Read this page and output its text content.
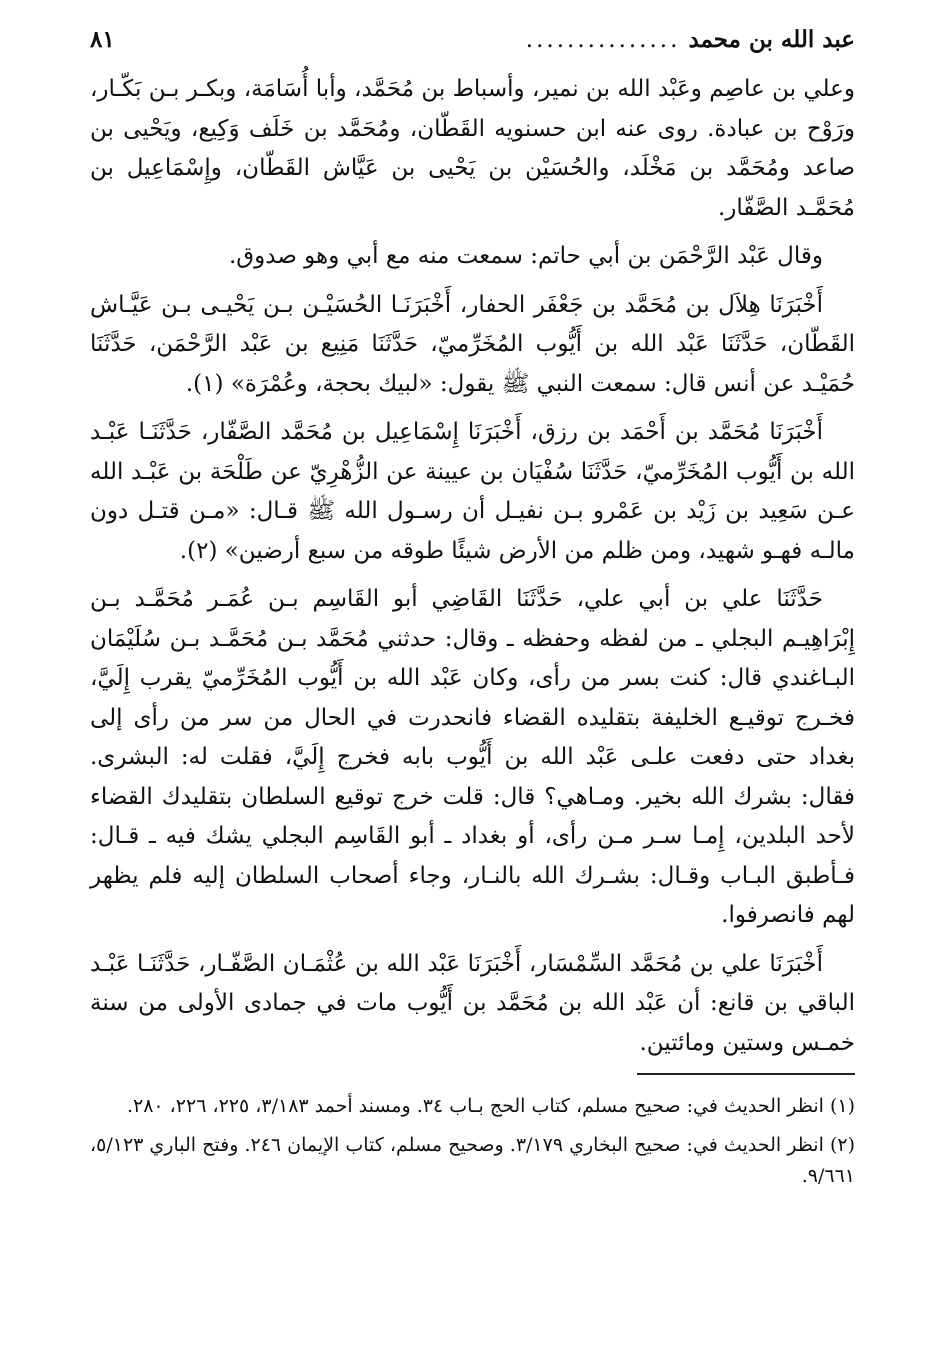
عبد الله بن محمد
...............
٨١

وعلي بن عاصِم وعَبْد الله بن نمير، وأسباط بن مُحَمَّد، وأبا أُسَامَة، وبكـر بـن بَكّـار، ورَوْح بن عبادة. روى عنه ابن حسنويه القَطّان، ومُحَمَّد بن خَلَف وَكِيع، ويَحْيى بن صاعد ومُحَمَّد بن مَخْلَد، والحُسَيْن بن يَحْيى بن عَيَّاش القَطّان، وإِسْمَاعِيل بن مُحَمَّـد الصَّفّار.

وقال عَبْد الرَّحْمَن بن أبي حاتم: سمعت منه مع أبي وهو صدوق.

أَخْبَرَنَا هِلاَل بن مُحَمَّد بن جَعْفَر الحفار، أَخْبَرَنَـا الحُسَيْـن بـن يَحْيـى بـن عَيَّـاش القَطّان، حَدَّثَنَا عَبْد الله بن أَيُّوب المُخَرِّميّ، حَدَّثَنَا مَنِيع بن عَبْد الرَّحْمَن، حَدَّثَنَا حُمَيْـد عن أنس قال: سمعت النبي ﷺ يقول: «لبيك بحجة، وعُمْرَة» (١).

أَخْبَرَنَا مُحَمَّد بن أَحْمَد بن رزق، أَخْبَرَنَا إِسْمَاعِيل بن مُحَمَّد الصَّفّار، حَدَّثَنَـا عَبْـد الله بن أَيُّوب المُخَرِّميّ، حَدَّثَنَا سُفْيَان بن عيينة عن الزُّهْرِيّ عن طَلْحَة بن عَبْـد الله عـن سَعِيد بن زَيْد بن عَمْرو بـن نفيـل أن رسـول الله ﷺ قـال: «مـن قتـل دون مالـه فهـو شهيد، ومن ظلم من الأرض شيئًا طوقه من سبع أرضين» (٢).

حَدَّثَنَا علي بن أبي علي، حَدَّثَنَا القَاضِي أبو القَاسِم بـن عُمَـر مُحَمَّـد بـن إِبْرَاهِيـم البجلي ـ من لفظه وحفظه ـ وقال: حدثني مُحَمَّد بـن مُحَمَّـد بـن سُلَيْمَان البـاغندي قال: كنت بسر من رأى، وكان عَبْد الله بن أَيُّوب المُخَرِّميّ يقرب إِلَيَّ، فخـرج توقيـع الخليفة بتقليده القضاء فانحدرت في الحال من سر من رأى إلى بغداد حتى دفعت علـى عَبْد الله بن أَيُّوب بابه فخرج إِلَيَّ، فقلت له: البشرى. فقال: بشرك الله بخير. ومـاهي؟ قال: قلت خرج توقيع السلطان بتقليدك القضاء لأحد البلدين، إِمـا سـر مـن رأى، أو بغداد ـ أبو القَاسِم البجلي يشك فيه ـ قـال: فـأطبق البـاب وقـال: بشـرك الله بالنـار، وجاء أصحاب السلطان إليه فلم يظهر لهم فانصرفوا.

أَخْبَرَنَا علي بن مُحَمَّد السِّمْسَار، أَخْبَرَنَا عَبْد الله بن عُثْمَـان الصَّفّـار، حَدَّثَنَـا عَبْـد الباقي بن قانع: أن عَبْد الله بن مُحَمَّد بن أَيُّوب مات في جمادى الأولى من سنة خمـس وستين ومائتين.

(١) انظر الحديث في: صحيح مسلم، كتاب الحج بـاب ٣٤. ومسند أحمد ٣/١٨٣، ٢٢٥، ٢٢٦، ٢٨٠.

(٢) انظر الحديث في: صحيح البخاري ٣/١٧٩. وصحيح مسلم، كتاب الإيمان ٢٤٦. وفتح الباري ٥/١٢٣، ٩/٦٦١.
